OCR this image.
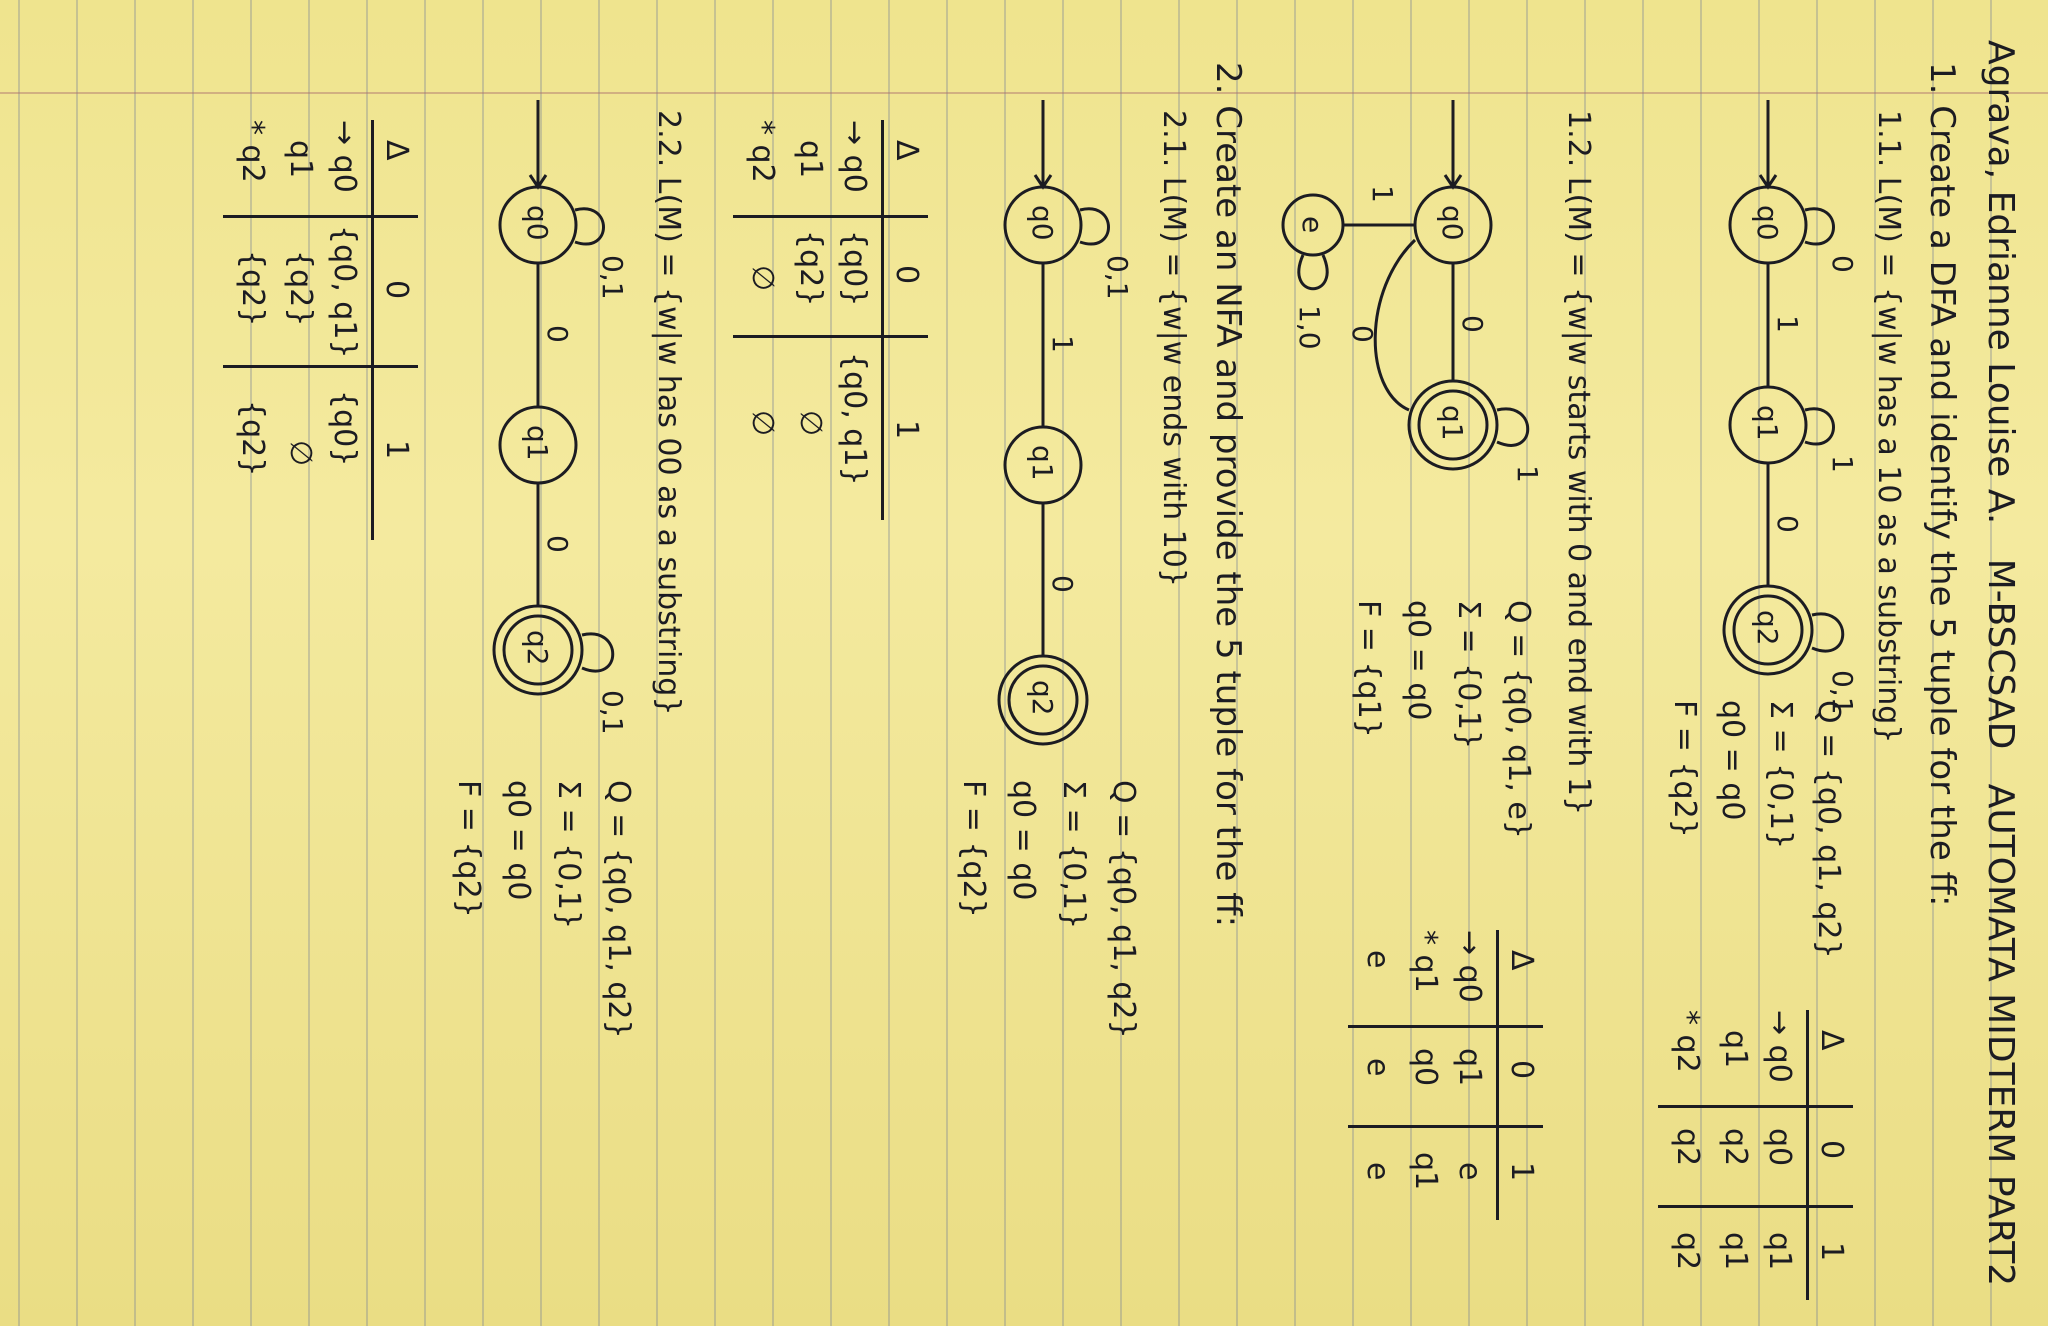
Agrava, Edrianne Louise A.   M-BSCSAD   AUTOMATA MIDTERM PART2
1. Create a DFA and identify the 5 tuple for the ff:
1.1. L(M) = {w|w has a 10 as a substring}
q0
0
1
q1
1
0
q2
0,1
Q = {q0, q1, q2}
Σ = {0,1}
q0 = q0
F = {q2}
Δ
0
1
→ q0
q0
q1
q1
q2
q1
* q2
q2
q2
1.2. L(M) = {w|w starts with 0 and end with 1}
q0
0
q1
1
0
1
e
1,0
Q = {q0, q1, e}
Σ = {0,1}
q0 = q0
F = {q1}
Δ
0
1
→ q0
q1
e
* q1
q0
q1
e
e
e
2. Create an NFA and provide the 5 tuple for the ff:
2.1. L(M) = {w|w ends with 10}
q0
0,1
1
q1
0
q2
Q = {q0, q1, q2}
Σ = {0,1}
q0 = q0
F = {q2}
Δ
0
1
→ q0
{q0}
{q0, q1}
q1
{q2}
∅
* q2
∅
∅
2.2. L(M) = {w|w has 00 as a substring}
q0
0,1
0
q1
0
q2
0,1
Q = {q0, q1, q2}
Σ = {0,1}
q0 = q0
F = {q2}
Δ
0
1
→ q0
{q0, q1}
{q0}
q1
{q2}
∅
* q2
{q2}
{q2}
